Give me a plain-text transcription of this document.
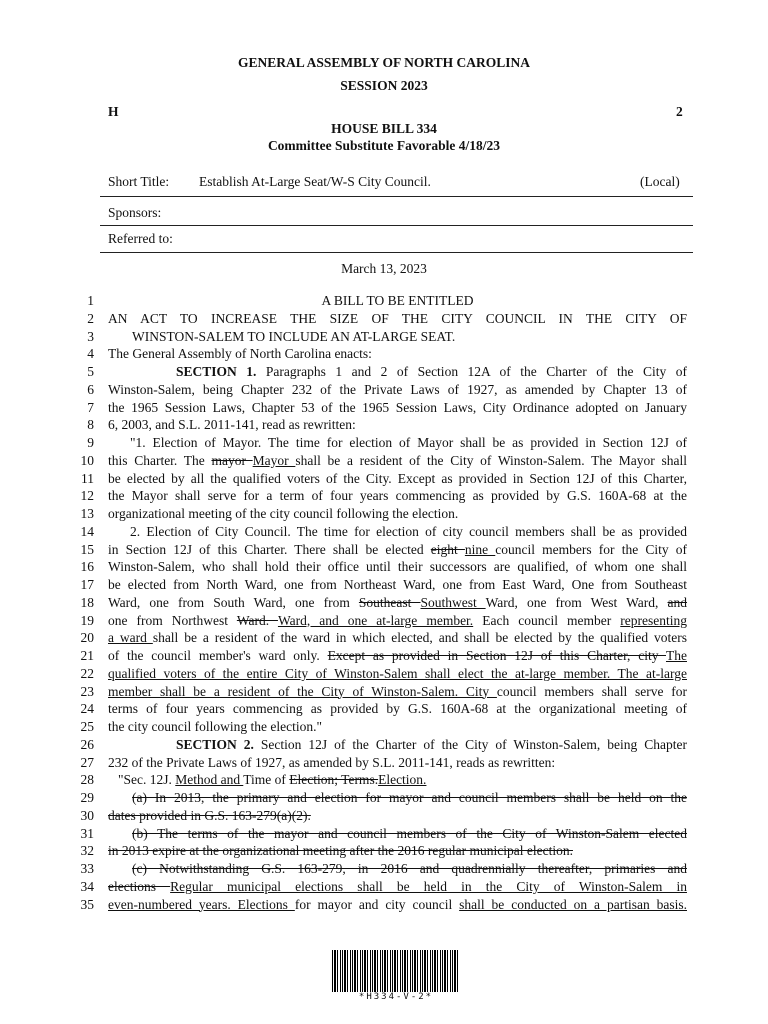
GENERAL ASSEMBLY OF NORTH CAROLINA
SESSION 2023
H	2
HOUSE BILL 334
Committee Substitute Favorable 4/18/23
Short Title: Establish At-Large Seat/W-S City Council.	(Local)
Sponsors:
Referred to:
March 13, 2023
1	A BILL TO BE ENTITLED
2 AN ACT TO INCREASE THE SIZE OF THE CITY COUNCIL IN THE CITY OF
3	WINSTON-SALEM TO INCLUDE AN AT-LARGE SEAT.
4 The General Assembly of North Carolina enacts:
5	SECTION 1. Paragraphs 1 and 2 of Section 12A of the Charter of the City of
6 Winston-Salem, being Chapter 232 of the Private Laws of 1927, as amended by Chapter 13 of
7 the 1965 Session Laws, Chapter 53 of the 1965 Session Laws, City Ordinance adopted on January
8 6, 2003, and S.L. 2011-141, read as rewritten:
9	"1. Election of Mayor. The time for election of Mayor shall be as provided in Section 12J of
10 this Charter. The mayor Mayor shall be a resident of the City of Winston-Salem. The Mayor shall
11 be elected by all the qualified voters of the City. Except as provided in Section 12J of this Charter,
12 the Mayor shall serve for a term of four years commencing as provided by G.S. 160A-68 at the
13 organizational meeting of the city council following the election.
14	2. Election of City Council. The time for election of city council members shall be as provided
15 in Section 12J of this Charter. There shall be elected eight nine council members for the City of
16 Winston-Salem, who shall hold their office until their successors are qualified, of whom one shall
17 be elected from North Ward, one from Northeast Ward, one from East Ward, One from Southeast
18 Ward, one from South Ward, one from Southeast Southwest Ward, one from West Ward, and
19 one from Northwest Ward. Ward, and one at-large member. Each council member representing
20 a ward shall be a resident of the ward in which elected, and shall be elected by the qualified voters
21 of the council member's ward only. Except as provided in Section 12J of this Charter, city The
22 qualified voters of the entire City of Winston-Salem shall elect the at-large member. The at-large
23 member shall be a resident of the City of Winston-Salem. City council members shall serve for
24 terms of four years commencing as provided by G.S. 160A-68 at the organizational meeting of
25 the city council following the election."
26	SECTION 2. Section 12J of the Charter of the City of Winston-Salem, being Chapter
27 232 of the Private Laws of 1927, as amended by S.L. 2011-141, reads as rewritten:
28	"Sec. 12J. Method and Time of Election; Terms.Election.
29	(a) In 2013, the primary and election for mayor and council members shall be held on the
30 dates provided in G.S. 163-279(a)(2).
31	(b) The terms of the mayor and council members of the City of Winston-Salem elected
32 in 2013 expire at the organizational meeting after the 2016 regular municipal election.
33	(c) Notwithstanding G.S. 163-279, in 2016 and quadrennially thereafter, primaries and
34 elections Regular municipal elections shall be held in the City of Winston-Salem in
35 even-numbered years. Elections for mayor and city council shall be conducted on a partisan basis.
*H334-V-2*
